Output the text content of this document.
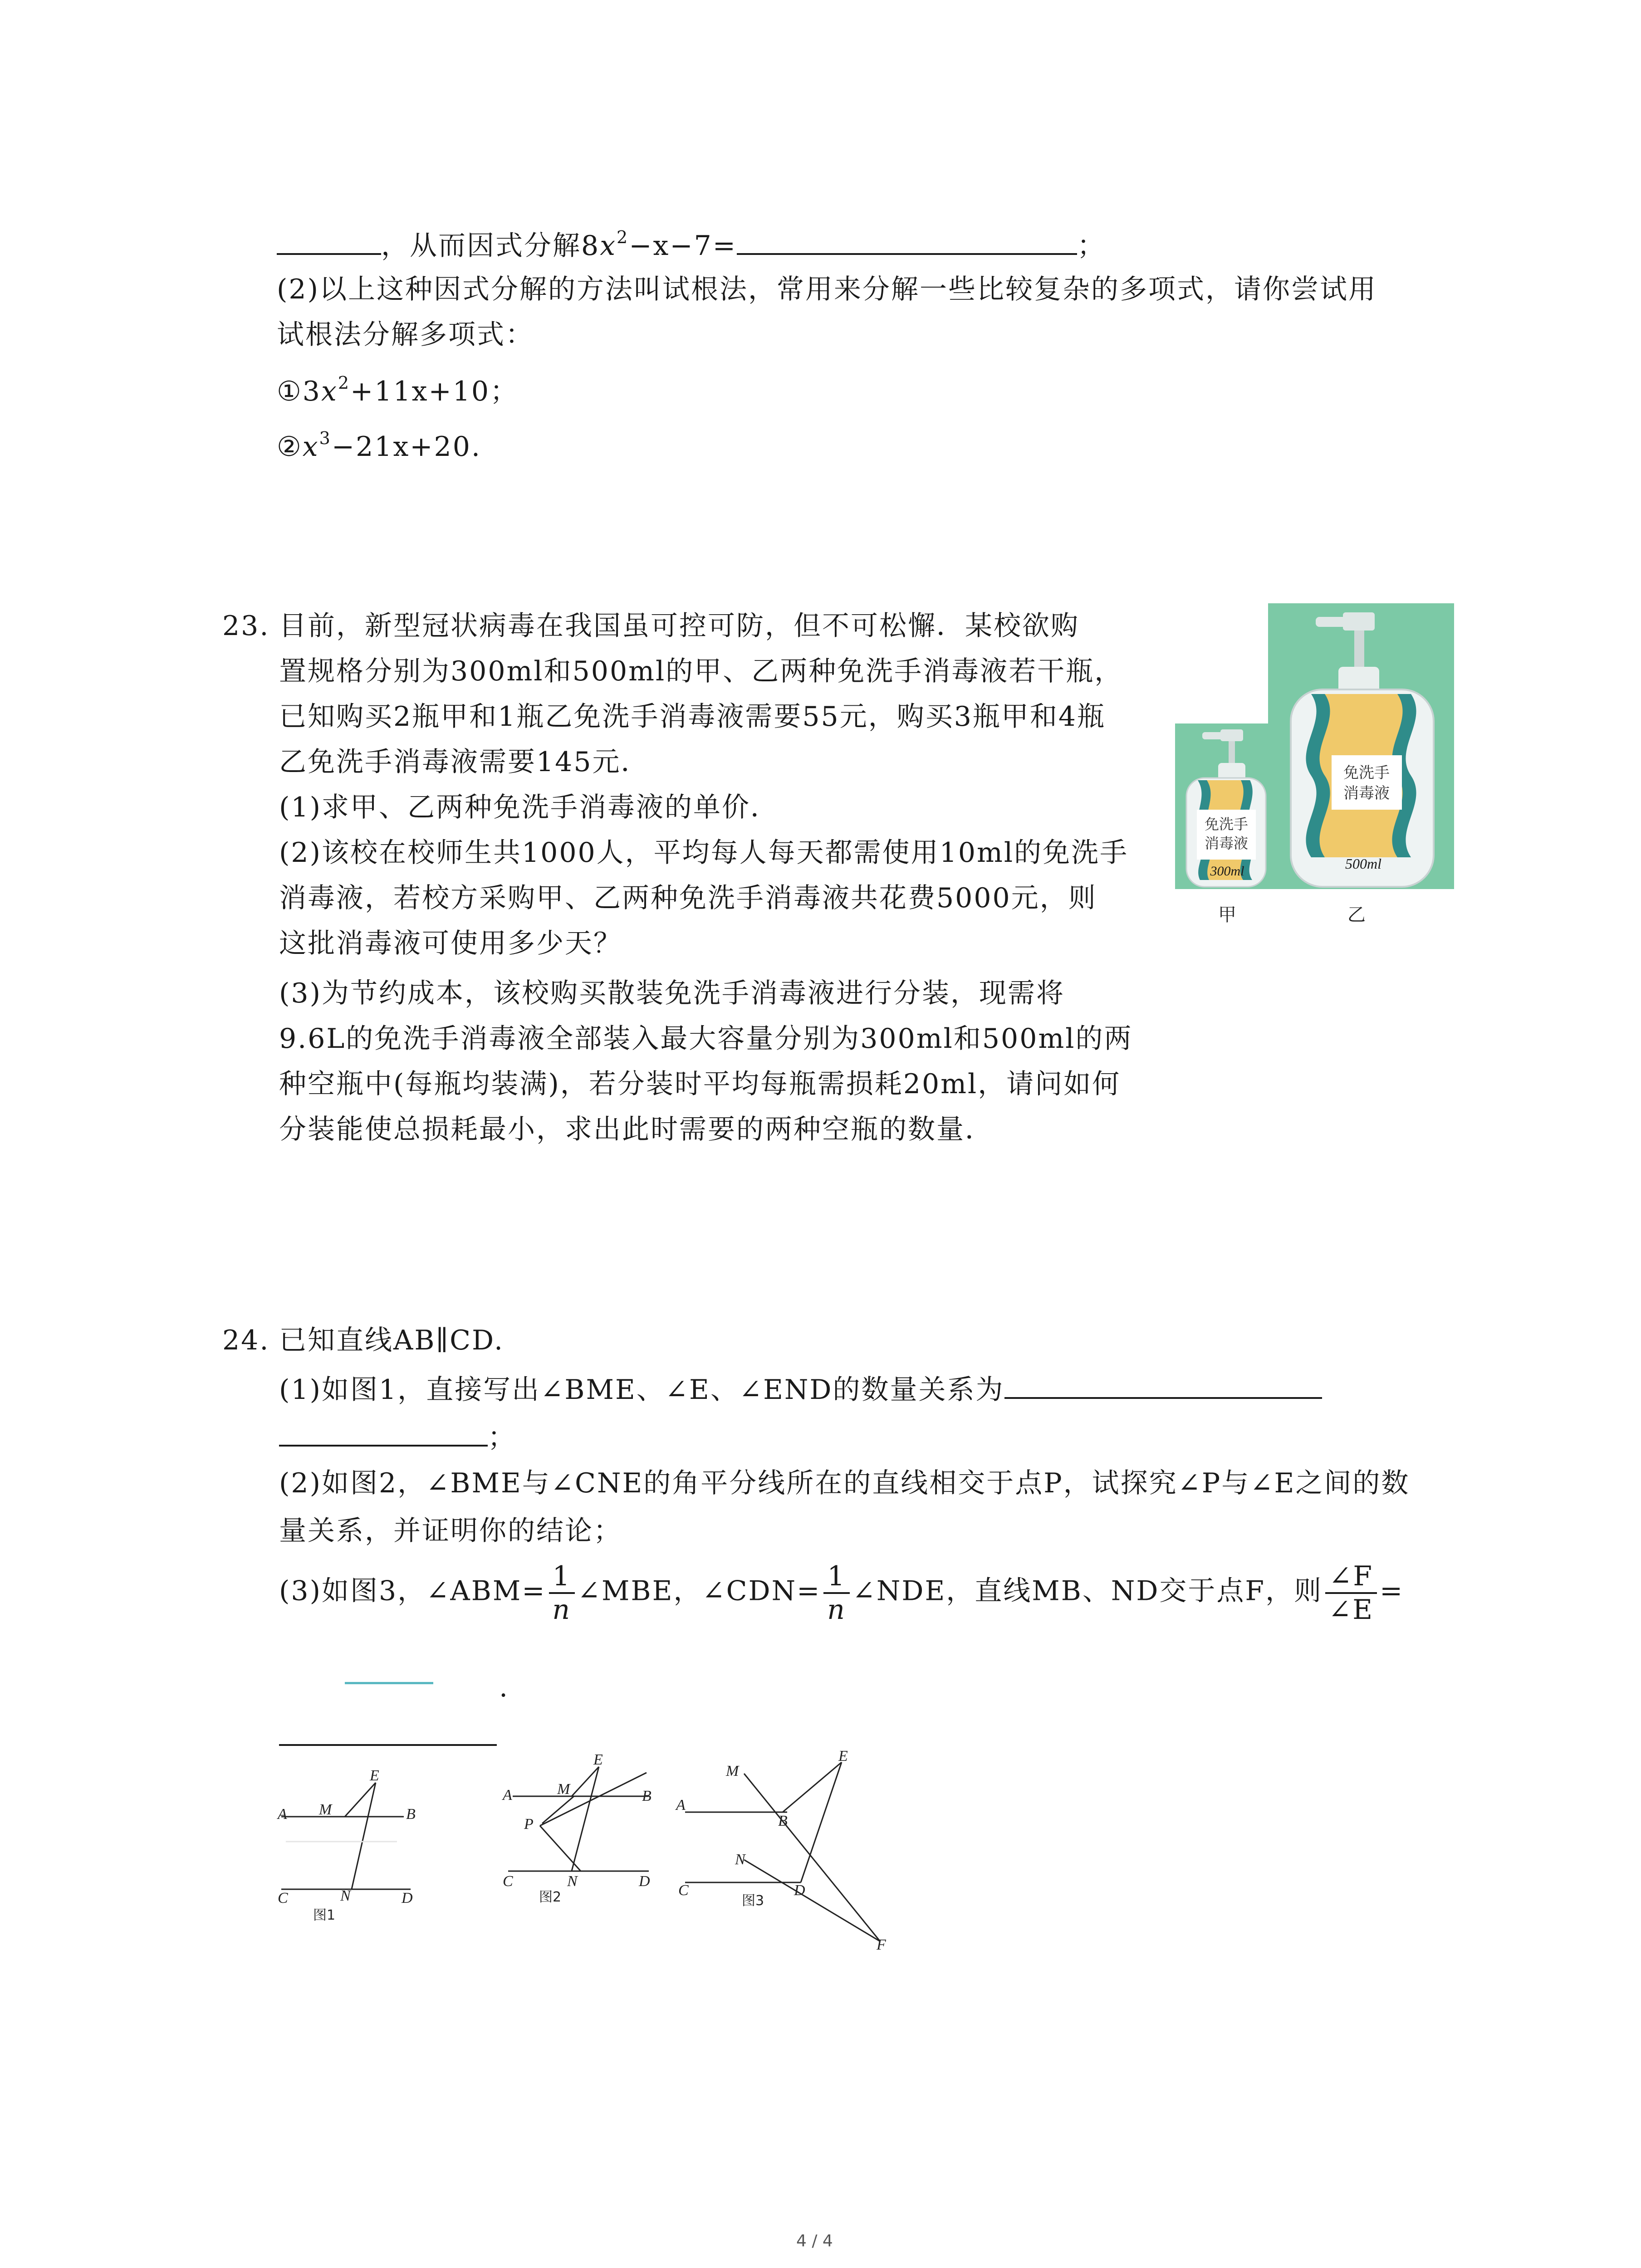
，从而因式分解$8x^2-x-7=$	；
(2)以上这种因式分解的方法叫试根法，常用来分解一些比较复杂的多项式，请你尝试用
试根法分解多项式：
$①3x^2+11x+10$；
$②x^3-21x+20$.
23. 目前，新型冠状病毒在我国虽可控可防，但不可松懈．某校欲购
置规格分别为300ml和500ml的甲、乙两种免洗手消毒液若干瓶，
已知购买2瓶甲和1瓶乙免洗手消毒液需要55元，购买3瓶甲和4瓶
乙免洗手消毒液需要145元．
(1)求甲、乙两种免洗手消毒液的单价．
(2)该校在校师生共1000人，平均每人每天都需使用10ml的免洗手
消毒液，若校方采购甲、乙两种免洗手消毒液共花费5000元，则
这批消毒液可使用多少天？
(3)为节约成本，该校购买散装免洗手消毒液进行分装，现需将
9.6L的免洗手消毒液全部装入最大容量分别为300ml和500ml的两
种空瓶中(每瓶均装满)，若分装时平均每瓶需损耗20ml，请问如何
分装能使总损耗最小，求出此时需要的两种空瓶的数量．
免洗手
消毒液
500ml
免洗手
消毒液
300ml
甲	乙
24. 已知直线AB∥CD.
(1)如图1，直接写出∠BME、∠E、∠END的数量关系为
；
(2)如图2，∠BME与∠CNE的角平分线所在的直线相交于点P，试探究∠P与∠E之间的数
量关系，并证明你的结论；
(3)如图3，∠ABM= $\frac{1}{n}$ ∠MBE，∠CDN= $\frac{1}{n}$ ∠NDE，直线MB、ND交于点F，则 $\frac{\angle F}{\angle E}$ =
.
E
A M	B
C	N	D
图1
E
A	M	B
P
C	N	D
图2
M
E
A
B
N
C	D
F
图3
4 / 4
